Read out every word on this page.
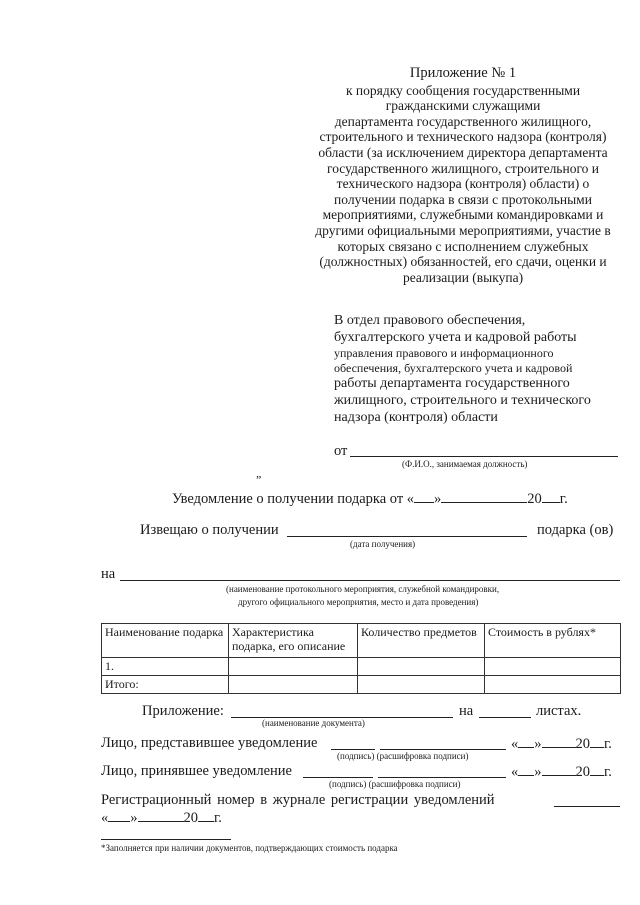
Приложение № 1
к порядку сообщения государственными
гражданскими служащими
департамента государственного жилищного,
строительного и технического надзора (контроля)
области (за исключением директора департамента
государственного жилищного, строительного и
технического надзора (контроля) области) о
получении подарка в связи с протокольными
мероприятиями, служебными командировками и
другими официальными мероприятиями, участие в
которых связано с исполнением служебных
(должностных) обязанностей, его сдачи, оценки и
реализации (выкупа)
В отдел правового обеспечения,
бухгалтерского учета и кадровой работы
управления правового и информационного
обеспечения, бухгалтерского учета и кадровой
работы департамента государственного
жилищного, строительного и технического
надзора (контроля) области
от
(Ф.И.О., занимаемая должность)
„
Уведомление о получении подарка от « »	20 г.
Извещаю о получении	подарка (ов)
(дата получения)
на
(наименование протокольного мероприятия, служебной командировки,
другого официального мероприятия, место и дата проведения)
Наименование подарка	Характеристика подарка, его описание	Количество предметов	Стоимость в рублях*
1.			
Итого:			
Приложение:	на	листах.
(наименование документа)
Лицо, представившее уведомление	« » 20 г.
(подпись) (расшифровка подписи)
Лицо, принявшее уведомление	« » 20 г.
(подпись) (расшифровка подписи)
Регистрационный номер в журнале регистрации уведомлений
« »	20 г.
*Заполняется при наличии документов, подтверждающих стоимость подарка
